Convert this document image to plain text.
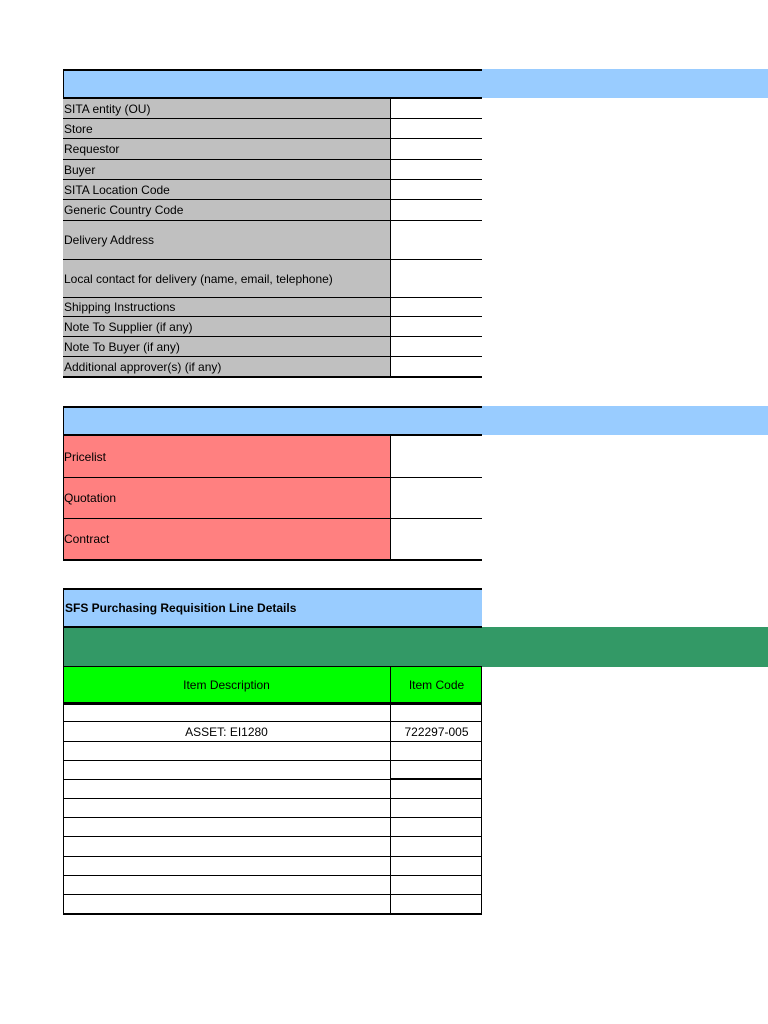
SITA entity (OU)
Store
Requestor
Buyer
SITA Location Code
Generic Country Code
Delivery Address
Local contact for delivery (name, email, telephone)
Shipping Instructions
Note To Supplier (if any)
Note To Buyer (if any)
Additional approver(s) (if any)
Pricelist
Quotation
Contract
SFS Purchasing Requisition Line Details
Item Description	Item Code
ASSET: EI1280	722297-005
